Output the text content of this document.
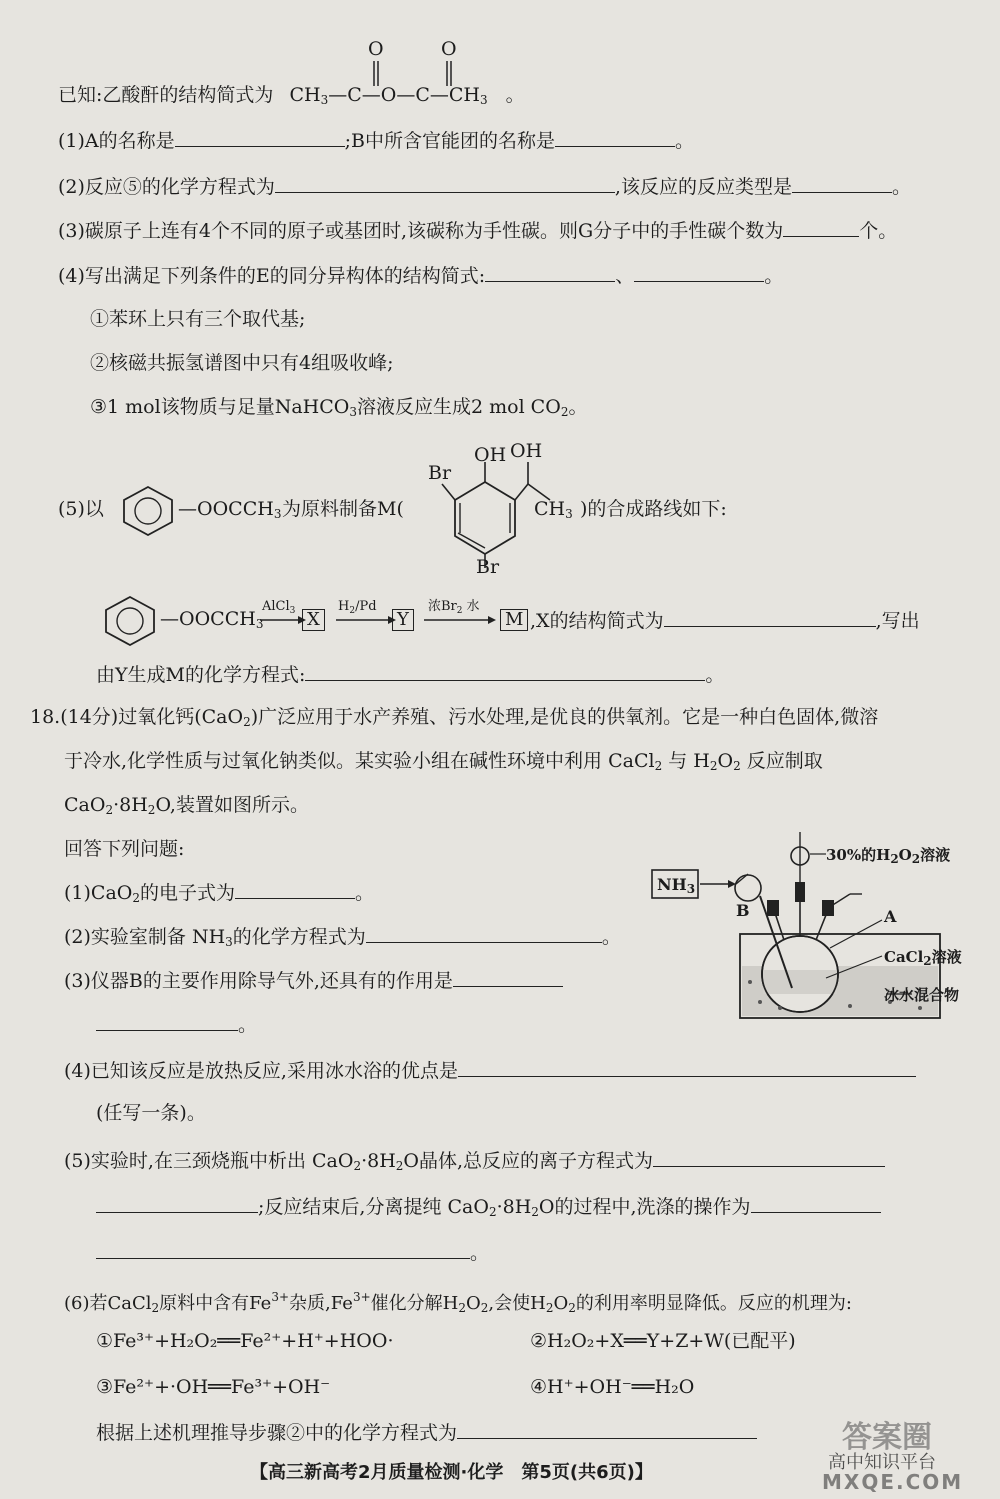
已知:乙酸酐的结构简式为 $CH_3—C—O—C—CH_3$ 。
O	O
(1)A的名称是	;B中所含官能团的名称是	。
(2)反应⑤的化学方程式为	,该反应的反应类型是	。
(3)碳原子上连有4个不同的原子或基团时,该碳称为手性碳。则G分子中的手性碳个数为	个。
(4)写出满足下列条件的E的同分异构体的结构简式:	、	。
①苯环上只有三个取代基;
②核磁共振氢谱图中只有4组吸收峰;
③1 mol该物质与足量NaHCO$_3$溶液反应生成2 mol $CO_2$。
(5)以	$—OOCCH_3$ 为原料制备M(
Br
OH OH
$CH_3$
Br
)的合成路线如下:
$—OOCCH_3$
AlCl$_3$	$H_2/Pd$	浓$Br_2$ 水
X	Y	M ,X的结构简式为	,写出
由Y生成M的化学方程式:	。
18.(14分)过氧化钙(CaO$_2$)广泛应用于水产养殖、污水处理,是优良的供氧剂。它是一种白色固体,微溶
于冷水,化学性质与过氧化钠类似。某实验小组在碱性环境中利用 CaCl$_2$ 与 $H_2O_2$ 反应制取
$CaO_2\cdot 8H_2O$,装置如图所示。
回答下列问题:
(1)CaO$_2$的电子式为	。
(2)实验室制备 $NH_3$的化学方程式为	。
(3)仪器B的主要作用除导气外,还具有的作用是
。
(4)已知该反应是放热反应,采用冰水浴的优点是
(任写一条)。
(5)实验时,在三颈烧瓶中析出 $CaO_2\cdot 8H_2O$晶体,总反应的离子方程式为
;反应结束后,分离提纯 $CaO_2\cdot 8H_2O$的过程中,洗涤的操作为
。
(6)若CaCl$_2$原料中含有$Fe^{3+}$杂质$,Fe^{3+}$催化分解$H_2O_2$,会使$H_2O_2$的利用率明显降低。反应的机理为:
①Fe³⁺+H₂O₂══Fe²⁺+H⁺+HOO·	②H₂O₂+X══Y+Z+W(已配平)
③Fe²⁺+·OH══Fe³⁺+OH⁻	④H⁺+OH⁻══H₂O
根据上述机理推导步骤②中的化学方程式为
$NH_3$
30%的$H_2O_2$溶液
B	A
CaCl$_2$溶液
冰水混合物
【高三新高考2月质量检测·化学　第5页(共6页)】
答案圈
高中知识平台
MXQE.COM
